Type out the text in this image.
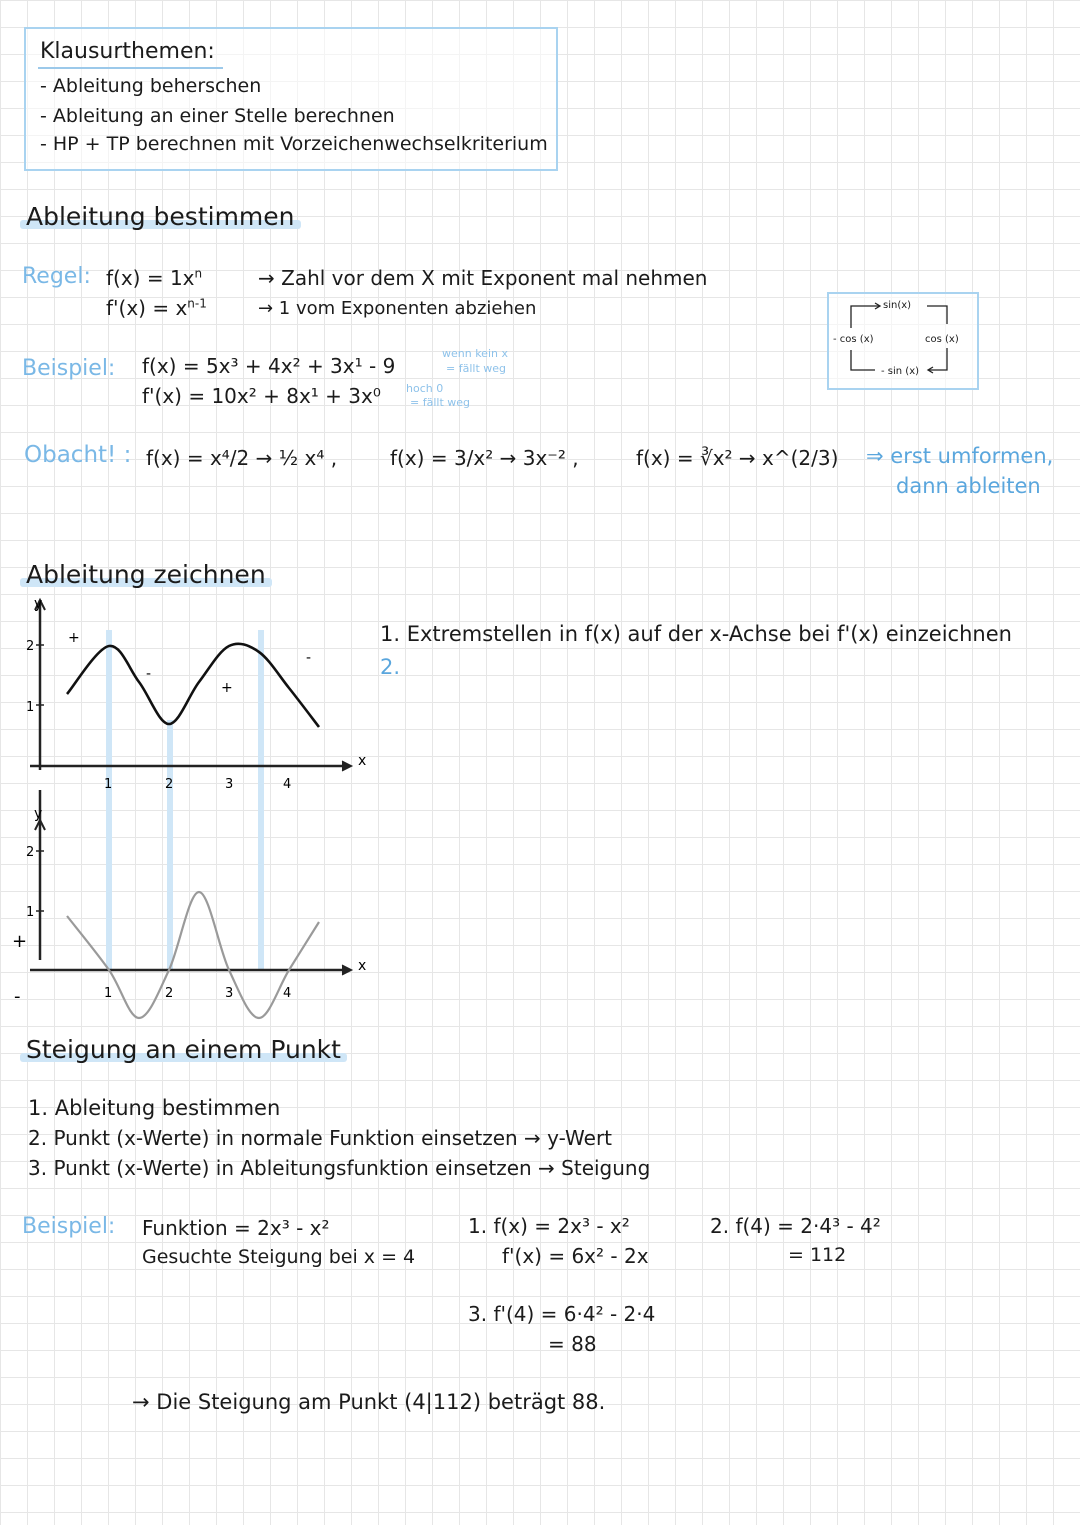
Klausurthemen:
- Ableitung beherschen
- Ableitung an einer Stelle berechnen
- HP + TP berechnen mit Vorzeichenwechselkriterium
Ableitung bestimmen
Regel: $f(x) = 1x^n$
$f'(x) = x^{n-1}$
→ Zahl vor dem X mit Exponent mal nehmen
→ 1 vom Exponenten abziehen	sin(x)
- cos (x)	cos (x)
- sin (x)
Beispiel: f(x) = 5x³ + 4x² + 3x¹ - 9
f'(x) = 10x² + 8x¹ + 3x⁰
wenn kein x
= fällt weg
hoch 0
= fällt weg
Obacht! : f(x) = x⁴/2 → ½ x⁴ ,	f(x) = 3/x² → 3x⁻² ,	f(x) = ∛x² → x^(2/3) ⇒ erst umformen,
dann ableiten
Ableitung zeichnen
1. Extremstellen in f(x) auf der x-Achse bei f'(x) einzeichnen
2.
y
x
2
1
1	2	3	4
+
-
+
-
y
x
2
1
+
-	1	2	3	4
Steigung an einem Punkt
1. Ableitung bestimmen
2. Punkt (x-Werte) in normale Funktion einsetzen → y-Wert
3. Punkt (x-Werte) in Ableitungsfunktion einsetzen → Steigung
Beispiel: Funktion = 2x³ - x²
Gesuchte Steigung bei x = 4
1. f(x) = 2x³ - x²
f'(x) = 6x² - 2x
2. f(4) = 2·4³ - 4²
= 112
3. f'(4) = 6·4² - 2·4
= 88
→ Die Steigung am Punkt (4|112) beträgt 88.
